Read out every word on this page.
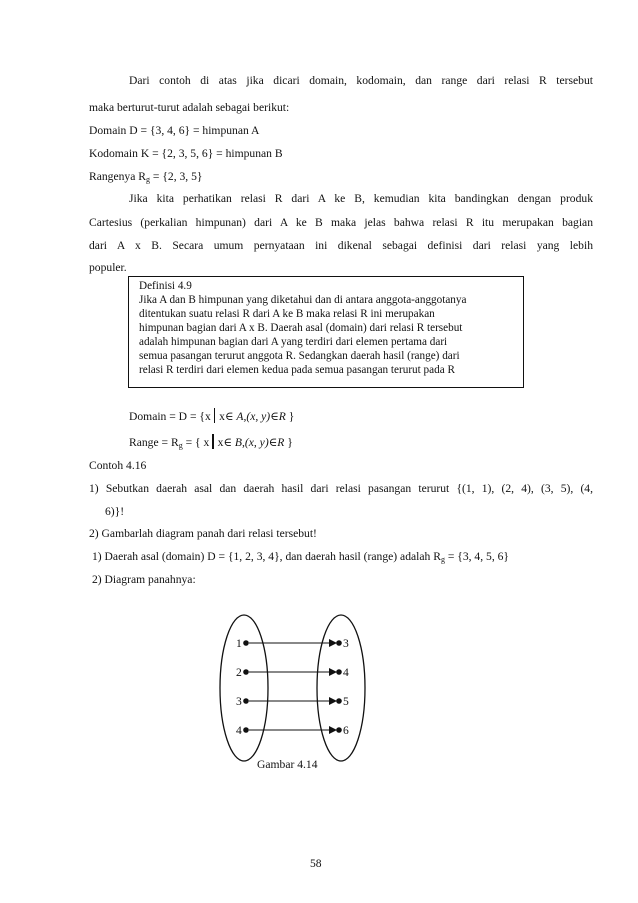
Dari contoh di atas jika dicari domain, kodomain, dan range dari relasi R tersebut
maka berturut-turut adalah sebagai berikut:
Domain D = {3, 4, 6} = himpunan A
Kodomain K = {2, 3, 5, 6} = himpunan B
Rangenya $R_g = \{2$, 3, 5}
Jika kita perhatikan relasi R dari A ke B, kemudian kita bandingkan dengan produk
Cartesius (perkalian himpunan) dari A ke B maka jelas bahwa relasi R itu merupakan bagian
dari A x B. Secara umum pernyataan ini dikenal sebagai definisi dari relasi yang lebih
populer.
Definisi 4.9
Jika A dan B himpunan yang diketahui dan di antara anggota-anggotanya
ditentukan suatu relasi R dari A ke B maka relasi R ini merupakan
himpunan bagian dari A x B. Daerah asal (domain) dari relasi R tersebut
adalah himpunan bagian dari A yang terdiri dari elemen pertama dari
semua pasangan terurut anggota R. Sedangkan daerah hasil (range) dari
relasi R terdiri dari elemen kedua pada semua pasangan terurut pada R
Domain = D = {x x∈ A,(x, y)∈R }
Range = $R_g$ = { x x∈ B,(x, y)∈R }
Contoh 4.16
1) Sebutkan daerah asal dan daerah hasil dari relasi pasangan terurut {(1, 1), (2, 4), (3, 5), (4,
6)}!
2) Gambarlah diagram panah dari relasi tersebut!
1) Daerah asal (domain) D = {1, 2, 3, 4}, dan daerah hasil (range) adalah $R_g = \{3$, 4, 5, 6}
2) Diagram panahnya:
1
2
3
4
3
4
5
6
Gambar 4.14
58
